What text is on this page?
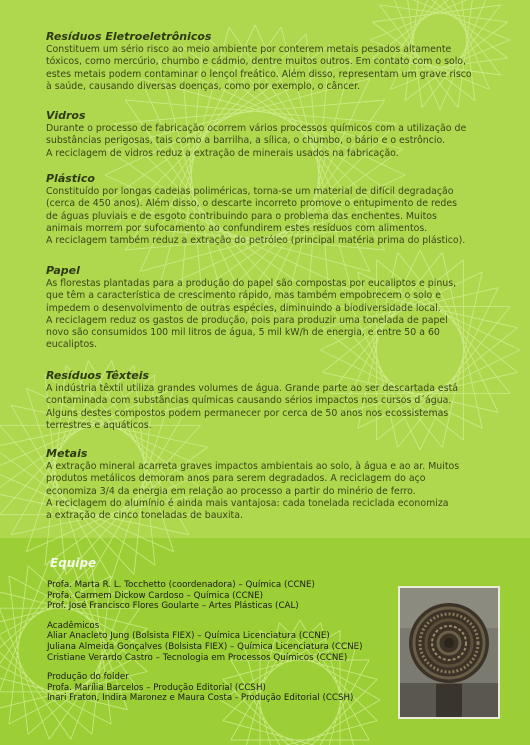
Resíduos Eletroeletrônicos

Constituem um sério risco ao meio ambiente por conterem metais pesados altamente

tóxicos, como mercúrio, chumbo e cádmio, dentre muitos outros. Em contato com o solo,

estes metais podem contaminar o lençol freático. Além disso, representam um grave risco

à saúde, causando diversas doenças, como por exemplo, o câncer.

Vidros

Durante o processo de fabricação ocorrem vários processos químicos com a utilização de

substâncias perigosas, tais como a barrilha, a sílica, o chumbo, o bário e o estrôncio.

A reciclagem de vidros reduz a extração de minerais usados na fabricação.

Plástico

Constituído por longas cadeias poliméricas, torna-se um material de difícil degradação

(cerca de 450 anos). Além disso, o descarte incorreto promove o entupimento de redes

de águas pluviais e de esgoto contribuindo para o problema das enchentes. Muitos

animais morrem por sufocamento ao confundirem estes resíduos com alimentos.

A reciclagem também reduz a extração do petróleo (principal matéria prima do plástico).

Papel

As florestas plantadas para a produção do papel são compostas por eucaliptos e pinus,

que têm a característica de crescimento rápido, mas também empobrecem o solo e

impedem o desenvolvimento de outras espécies, diminuindo a biodiversidade local.

A reciclagem reduz os gastos de produção, pois para produzir uma tonelada de papel

novo são consumidos 100 mil litros de água, 5 mil kW/h de energia, e entre 50 a 60

eucaliptos.

Resíduos Têxteis

A indústria têxtil utiliza grandes volumes de água. Grande parte ao ser descartada está

contaminada com substâncias químicas causando sérios impactos nos cursos d´água.

Alguns destes compostos podem permanecer por cerca de 50 anos nos ecossistemas

terrestres e aquáticos.

Metais

A extração mineral acarreta graves impactos ambientais ao solo, à água e ao ar. Muitos

produtos metálicos demoram anos para serem degradados. A reciclagem do aço

economiza 3/4 da energia em relação ao processo a partir do minério de ferro.

A reciclagem do alumínio é ainda mais vantajosa: cada tonelada reciclada economiza

a extração de cinco toneladas de bauxita.

Equipe
Profa. Marta R. L. Tocchetto (coordenadora) – Química (CCNE)
Profa. Carmem Dickow Cardoso – Química (CCNE)
Prof. José Francisco Flores Goularte – Artes Plásticas (CAL)
Acadêmicos
Aliar Anacleto Jung (Bolsista FIEX) – Química Licenciatura (CCNE)
Juliana Almeida Gonçalves (Bolsista FIEX) – Química Licenciatura (CCNE)
Cristiane Verardo Castro – Tecnologia em Processos Químicos (CCNE)
Produção do folder
Profa. Marília Barcelos – Produção Editorial (CCSH)
Inari Fraton, Indira Maronez e Maura Costa - Produção Editorial (CCSH)
